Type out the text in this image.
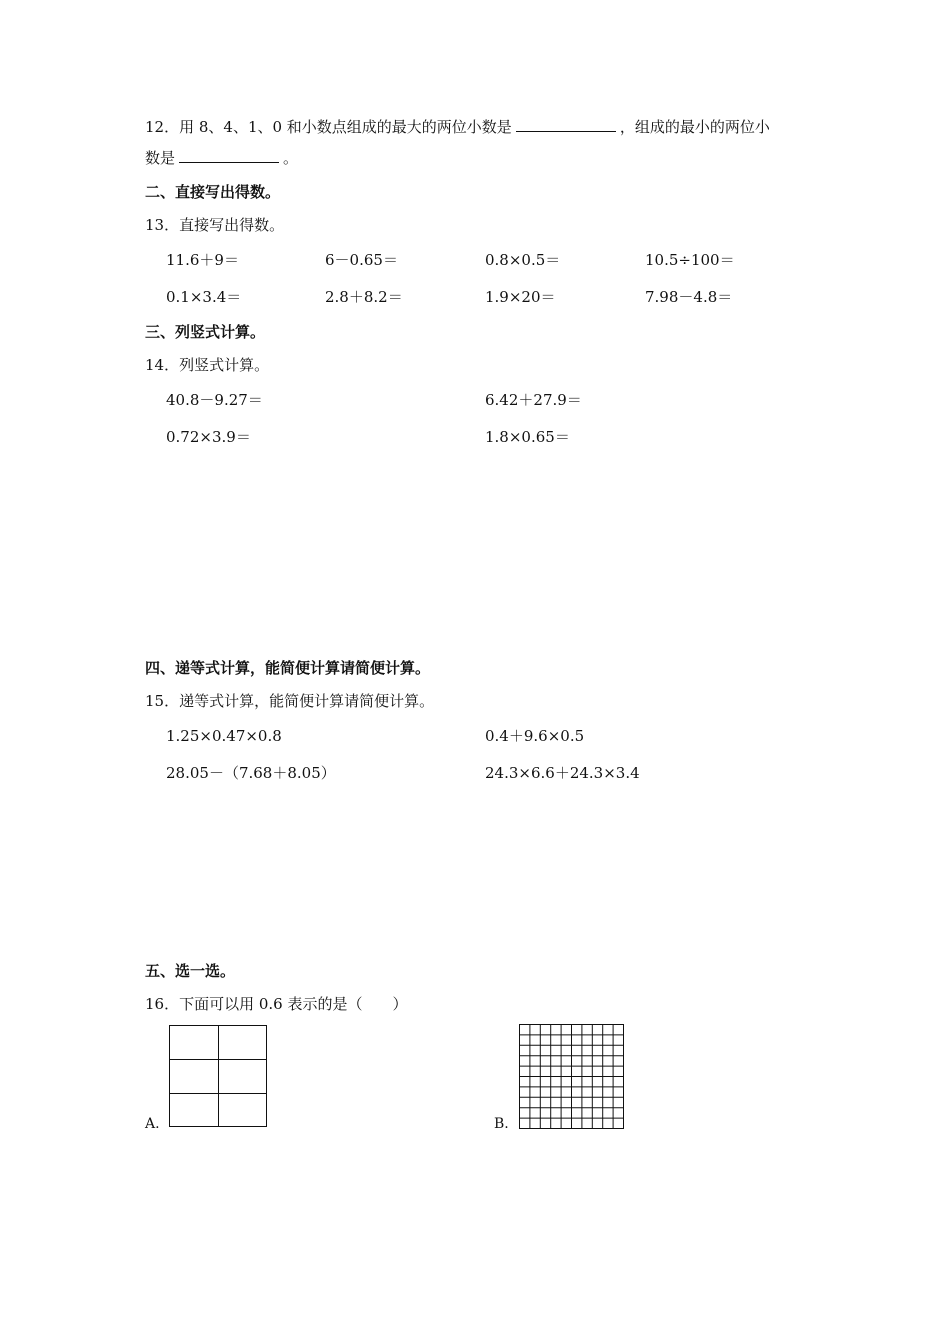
12．用 8、4、1、0 和小数点组成的最大的两位小数是	，组成的最小的两位小
数是	。
二、直接写出得数。
13．直接写出得数。
11.6＋9＝	6－0.65＝	0.8×0.5＝	10.5÷100＝
0.1×3.4＝	2.8＋8.2＝	1.9×20＝	7.98－4.8＝
三、列竖式计算。
14．列竖式计算。
40.8－9.27＝	6.42＋27.9＝
0.72×3.9＝	1.8×0.65＝
四、递等式计算，能简便计算请简便计算。
15．递等式计算，能简便计算请简便计算。
1.25×0.47×0.8	0.4＋9.6×0.5
28.05－（7.68＋8.05）	24.3×6.6＋24.3×3.4
五、选一选。
16．下面可以用 0.6 表示的是（　　）
A.	B.
